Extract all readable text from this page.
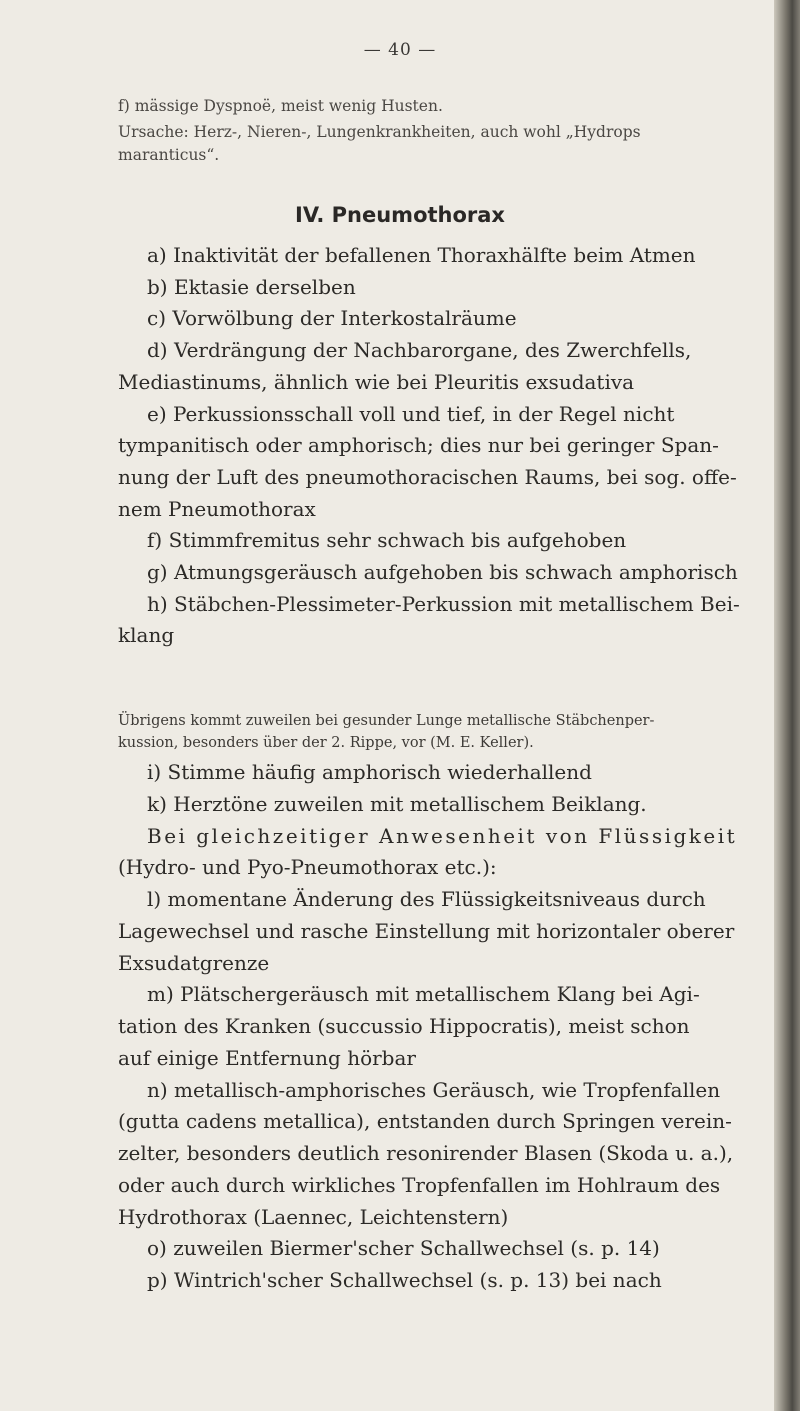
— 40 —
f) mässige Dyspnoë, meist wenig Husten.
Ursache: Herz-, Nieren-, Lungenkrankheiten, auch wohl „Hydrops
maranticus“.
IV. Pneumothorax
a) Inaktivität der befallenen Thoraxhälfte beim Atmen
b) Ektasie derselben
c) Vorwölbung der Interkostalräume
d) Verdrängung der Nachbarorgane, des Zwerchfells,
Mediastinums, ähnlich wie bei Pleuritis exsudativa
e) Perkussionsschall voll und tief, in der Regel nicht
tympanitisch oder amphorisch; dies nur bei geringer Span-
nung der Luft des pneumothoracischen Raums, bei sog. offe-
nem Pneumothorax
f) Stimmfremitus sehr schwach bis aufgehoben
g) Atmungsgeräusch aufgehoben bis schwach amphorisch
h) Stäbchen-Plessimeter-Perkussion mit metallischem Bei-
klang
Übrigens kommt zuweilen bei gesunder Lunge metallische Stäbchenper-
kussion, besonders über der 2. Rippe, vor (M. E. Keller).
i) Stimme häufig amphorisch wiederhallend
k) Herztöne zuweilen mit metallischem Beiklang.
Bei gleichzeitiger Anwesenheit von Flüssigkeit
(Hydro- und Pyo-Pneumothorax etc.):
l) momentane Änderung des Flüssigkeitsniveaus durch
Lagewechsel und rasche Einstellung mit horizontaler oberer
Exsudatgrenze
m) Plätschergeräusch mit metallischem Klang bei Agi-
tation des Kranken (succussio Hippocratis), meist schon
auf einige Entfernung hörbar
n) metallisch-amphorisches Geräusch, wie Tropfenfallen
(gutta cadens metallica), entstanden durch Springen verein-
zelter, besonders deutlich resonirender Blasen (Skoda u. a.),
oder auch durch wirkliches Tropfenfallen im Hohlraum des
Hydrothorax (Laennec, Leichtenstern)
o) zuweilen Biermer'scher Schallwechsel (s. p. 14)
p) Wintrich'scher Schallwechsel (s. p. 13) bei nach
